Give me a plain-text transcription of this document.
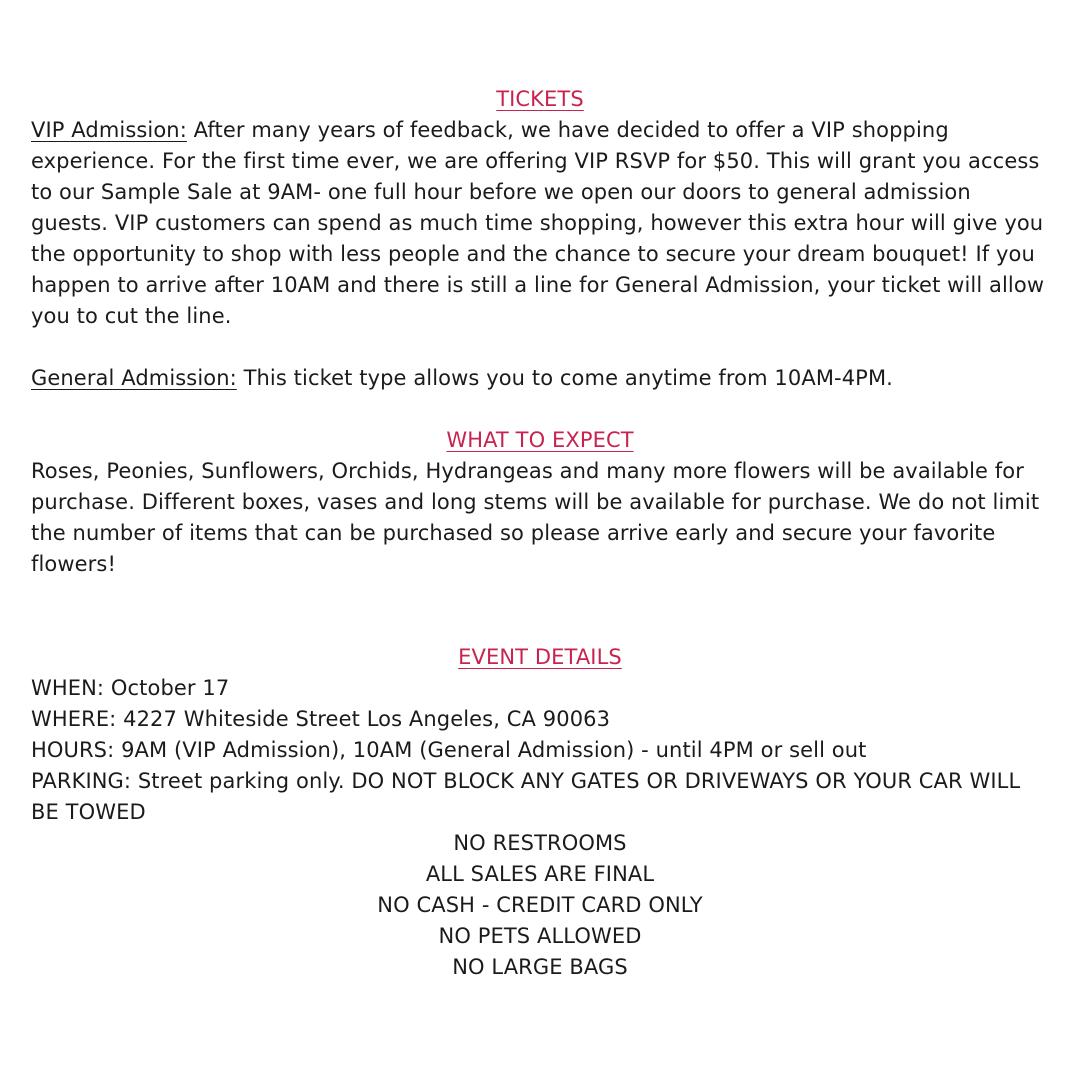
TICKETS

VIP Admission: After many years of feedback, we have decided to offer a VIP shopping experience. For the first time ever, we are offering VIP RSVP for $50. This will grant you access to our Sample Sale at 9AM- one full hour before we open our doors to general admission guests. VIP customers can spend as much time shopping, however this extra hour will give you the opportunity to shop with less people and the chance to secure your dream bouquet! If you happen to arrive after 10AM and there is still a line for General Admission, your ticket will allow you to cut the line.

General Admission: This ticket type allows you to come anytime from 10AM-4PM.

WHAT TO EXPECT

Roses, Peonies, Sunflowers, Orchids, Hydrangeas and many more flowers will be available for purchase. Different boxes, vases and long stems will be available for purchase. We do not limit the number of items that can be purchased so please arrive early and secure your favorite flowers!

EVENT DETAILS

WHEN: October 17

WHERE: 4227 Whiteside Street Los Angeles, CA 90063

HOURS: 9AM (VIP Admission), 10AM (General Admission) - until 4PM or sell out

PARKING: Street parking only. DO NOT BLOCK ANY GATES OR DRIVEWAYS OR YOUR CAR WILL BE TOWED

NO RESTROOMS

ALL SALES ARE FINAL

NO CASH - CREDIT CARD ONLY

NO PETS ALLOWED

NO LARGE BAGS
